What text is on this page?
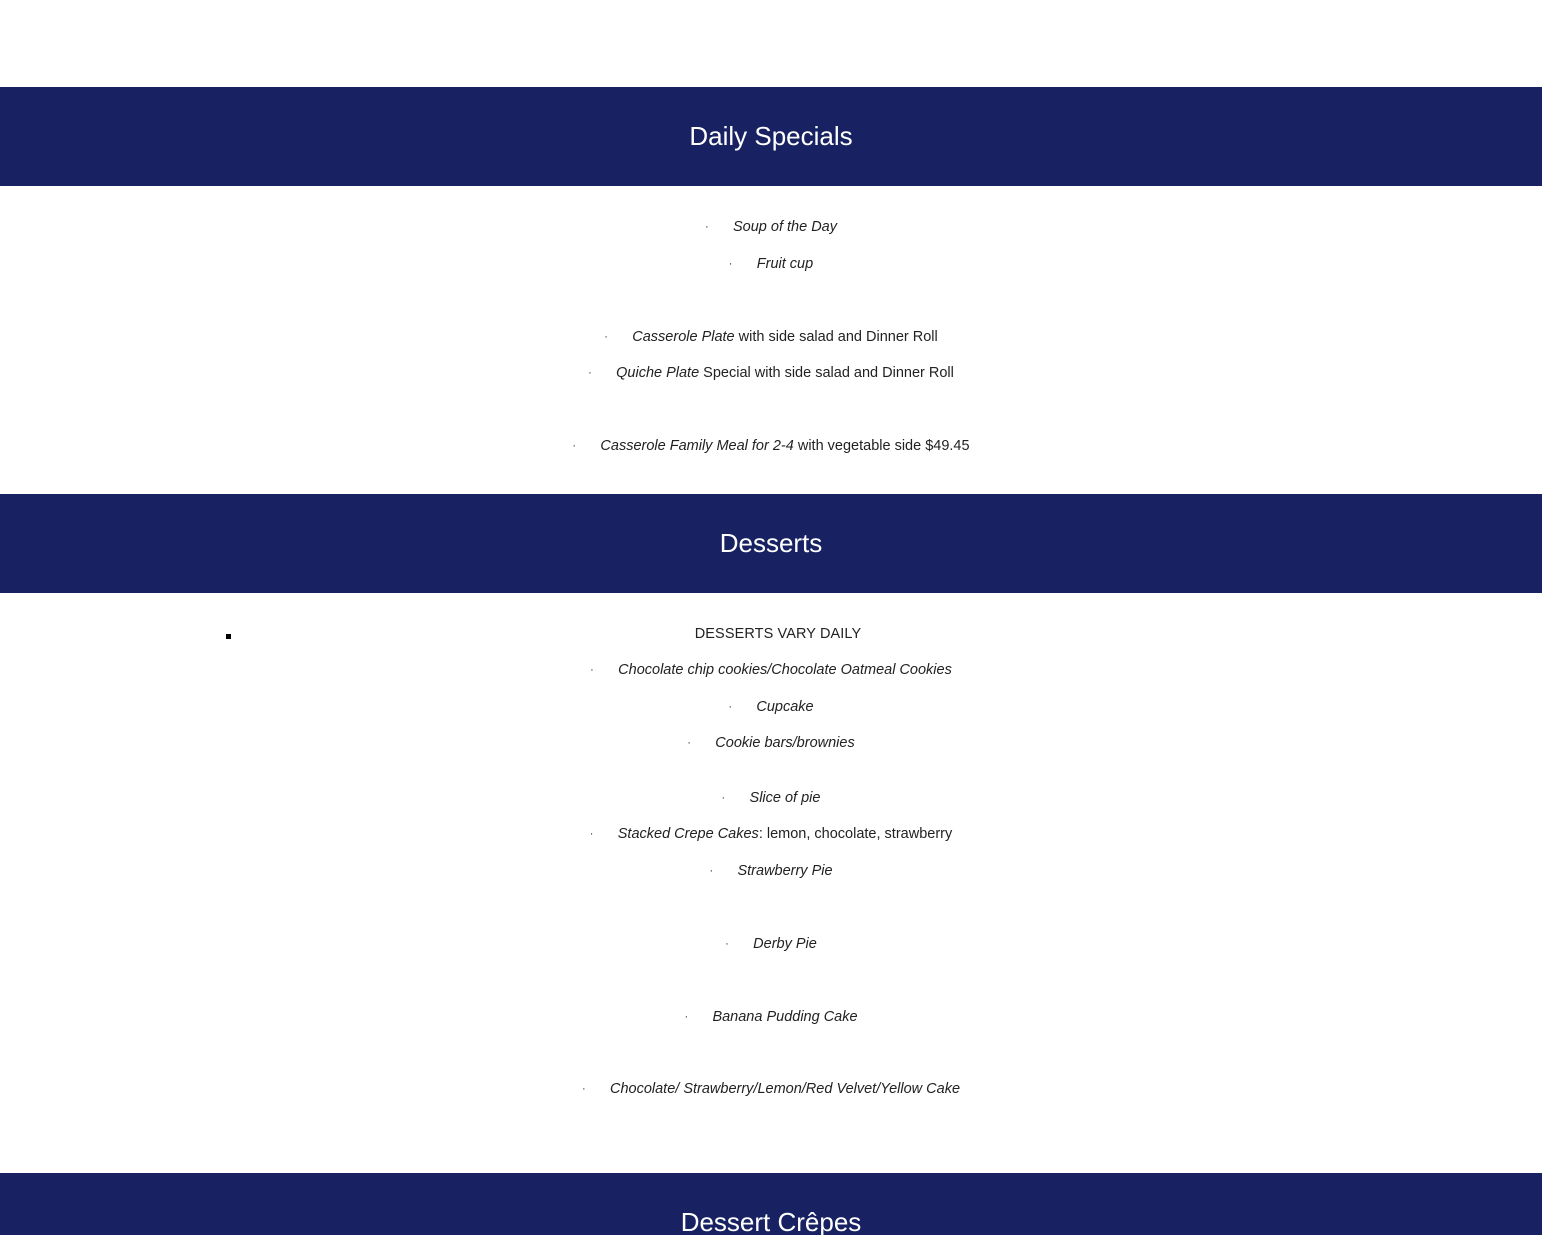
Daily Specials
· Soup of the Day
· Fruit cup
· Casserole Plate with side salad and Dinner Roll
· Quiche Plate Special with side salad and Dinner Roll
· Casserole Family Meal for 2-4 with vegetable side $49.45
Desserts
DESSERTS VARY DAILY
· Chocolate chip cookies/Chocolate Oatmeal Cookies
· Cupcake
· Cookie bars/brownies
· Slice of pie
· Stacked Crepe Cakes: lemon, chocolate, strawberry
· Strawberry Pie
· Derby Pie
· Banana Pudding Cake
· Chocolate/ Strawberry/Lemon/Red Velvet/Yellow Cake
Dessert Crêpes
